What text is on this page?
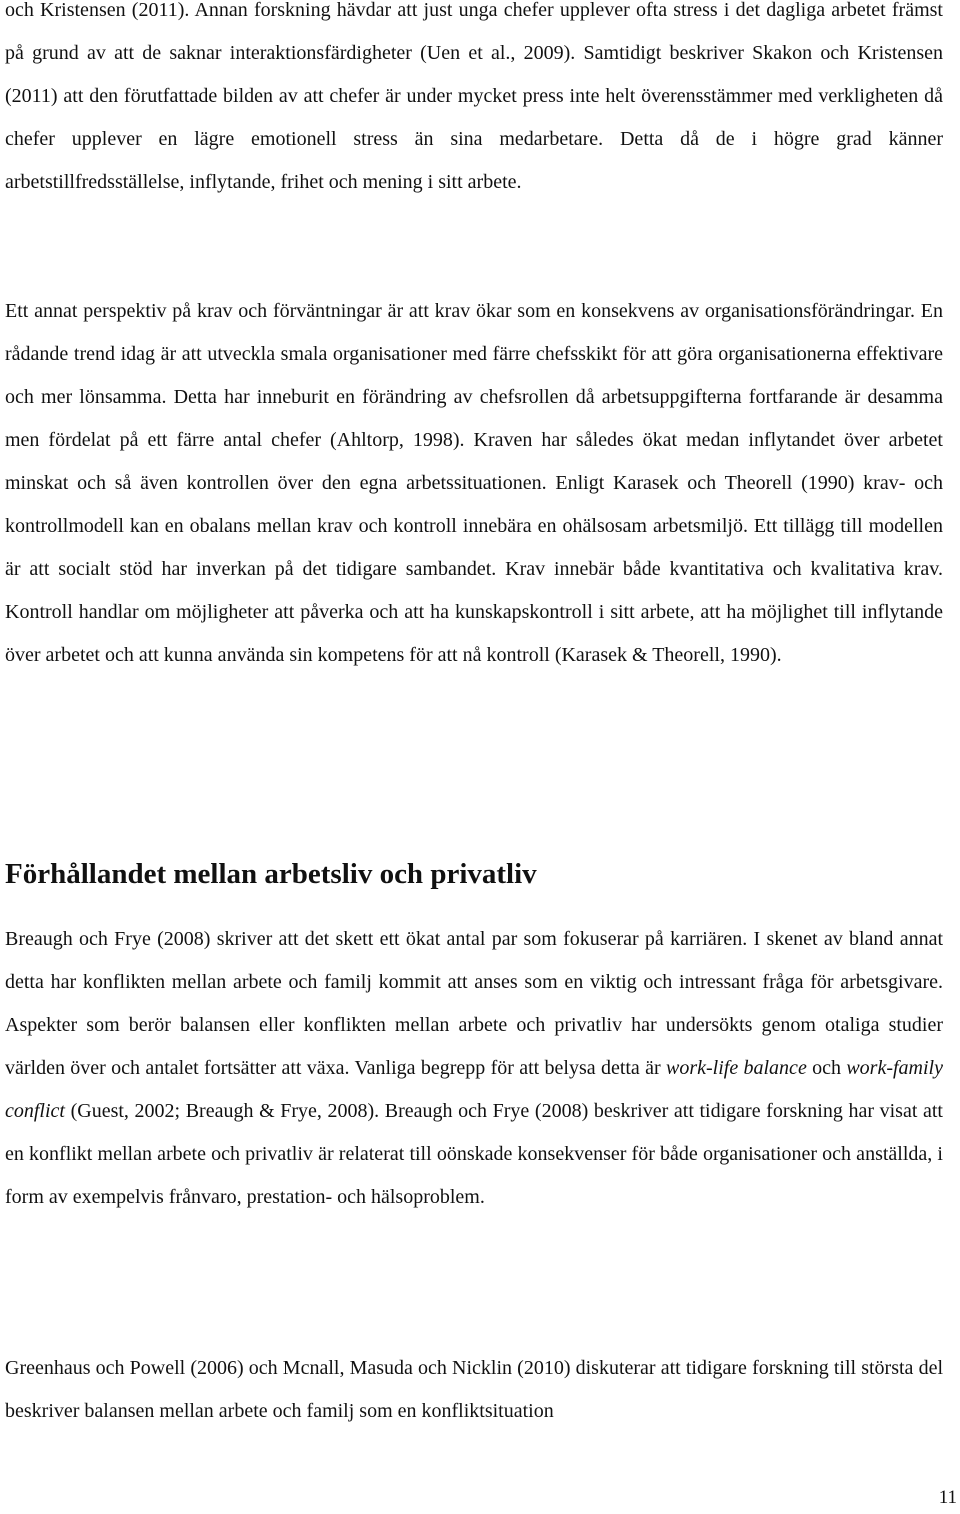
och Kristensen (2011). Annan forskning hävdar att just unga chefer upplever ofta stress i det dagliga arbetet främst på grund av att de saknar interaktionsfärdigheter (Uen et al., 2009). Samtidigt beskriver Skakon och Kristensen (2011) att den förutfattade bilden av att chefer är under mycket press inte helt överensstämmer med verkligheten då chefer upplever en lägre emotionell stress än sina medarbetare. Detta då de i högre grad känner arbetstillfredsställelse, inflytande, frihet och mening i sitt arbete.

Ett annat perspektiv på krav och förväntningar är att krav ökar som en konsekvens av organisationsförändringar. En rådande trend idag är att utveckla smala organisationer med färre chefsskikt för att göra organisationerna effektivare och mer lönsamma. Detta har inneburit en förändring av chefsrollen då arbetsuppgifterna fortfarande är desamma men fördelat på ett färre antal chefer (Ahltorp, 1998). Kraven har således ökat medan inflytandet över arbetet minskat och så även kontrollen över den egna arbetssituationen. Enligt Karasek och Theorell (1990) krav- och kontrollmodell kan en obalans mellan krav och kontroll innebära en ohälsosam arbetsmiljö. Ett tillägg till modellen är att socialt stöd har inverkan på det tidigare sambandet. Krav innebär både kvantitativa och kvalitativa krav. Kontroll handlar om möjligheter att påverka och att ha kunskapskontroll i sitt arbete, att ha möjlighet till inflytande över arbetet och att kunna använda sin kompetens för att nå kontroll (Karasek & Theorell, 1990).

Förhållandet mellan arbetsliv och privatliv

Breaugh och Frye (2008) skriver att det skett ett ökat antal par som fokuserar på karriären. I skenet av bland annat detta har konflikten mellan arbete och familj kommit att anses som en viktig och intressant fråga för arbetsgivare. Aspekter som berör balansen eller konflikten mellan arbete och privatliv har undersökts genom otaliga studier världen över och antalet fortsätter att växa. Vanliga begrepp för att belysa detta är work-life balance och work-family conflict (Guest, 2002; Breaugh & Frye, 2008). Breaugh och Frye (2008) beskriver att tidigare forskning har visat att en konflikt mellan arbete och privatliv är relaterat till oönskade konsekvenser för både organisationer och anställda, i form av exempelvis frånvaro, prestation- och hälsoproblem.

Greenhaus och Powell (2006) och Mcnall, Masuda och Nicklin (2010) diskuterar att tidigare forskning till största del beskriver balansen mellan arbete och familj som en konfliktsituation

11
